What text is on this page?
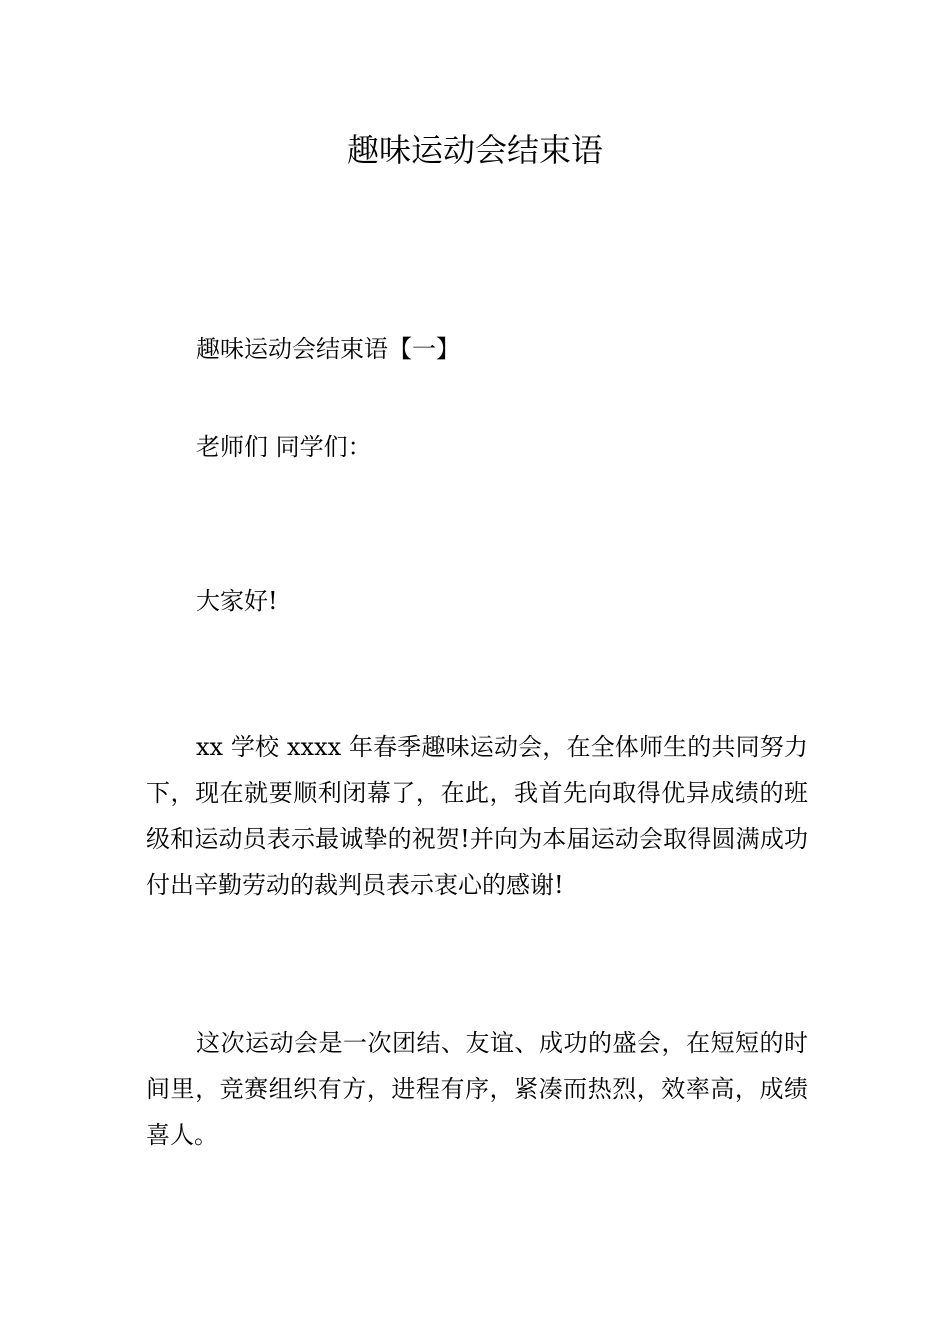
趣味运动会结束语

趣味运动会结束语【一】

老师们 同学们：

大家好!

xx 学校 xxxx 年春季趣味运动会，在全体师生的共同努力下，现在就要顺利闭幕了，在此，我首先向取得优异成绩的班级和运动员表示最诚挚的祝贺!并向为本届运动会取得圆满成功付出辛勤劳动的裁判员表示衷心的感谢!

这次运动会是一次团结、友谊、成功的盛会，在短短的时间里，竞赛组织有方，进程有序，紧凑而热烈，效率高，成绩喜人。
